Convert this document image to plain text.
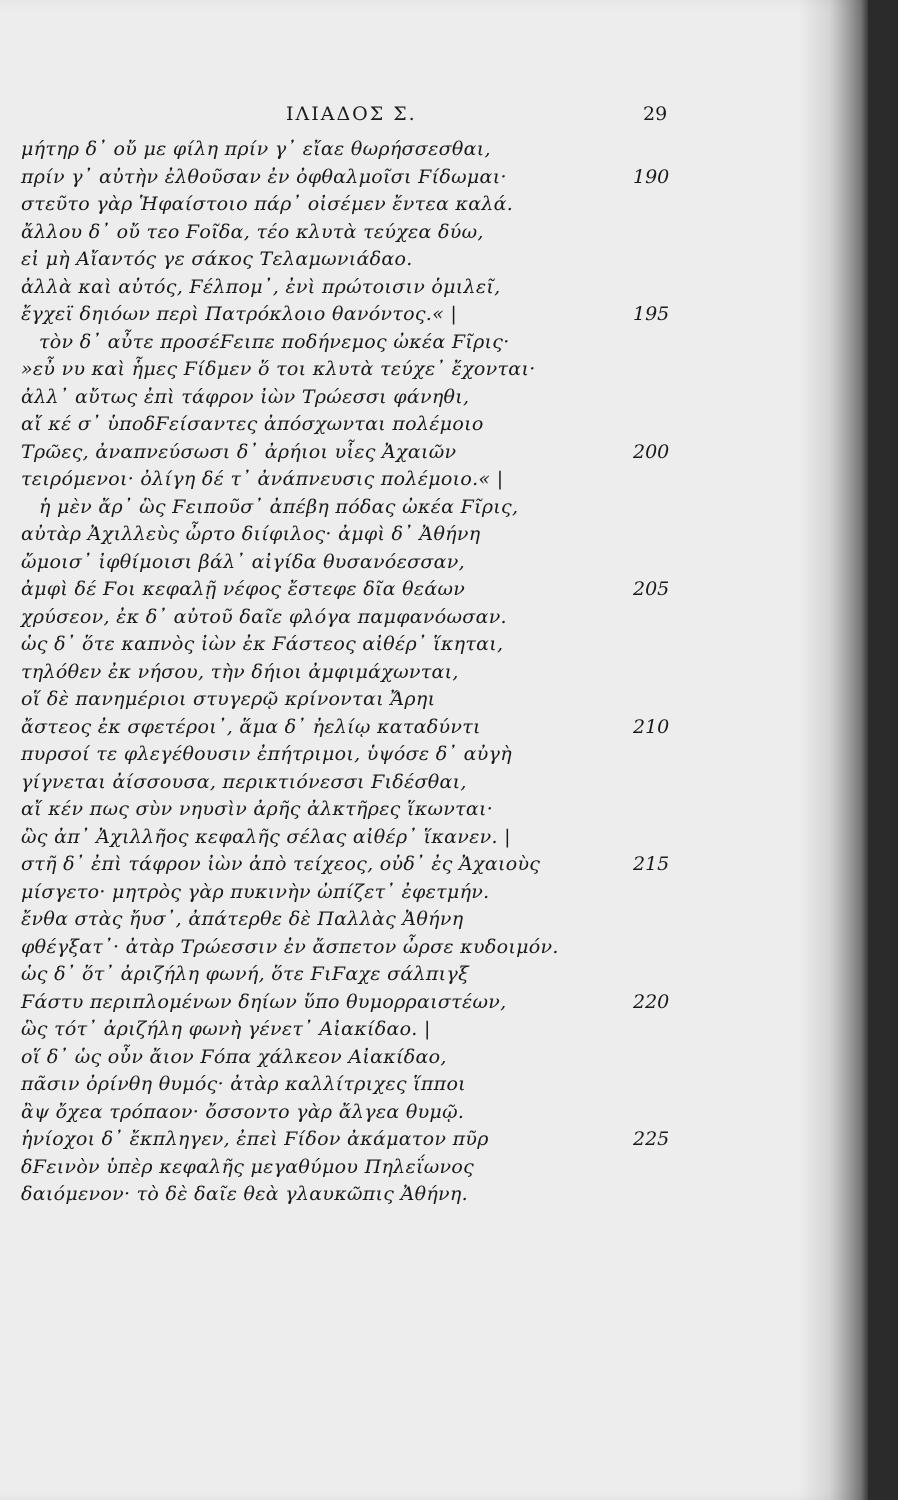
ΙΛΙΑΔΟΣ Σ.	29
μήτηρ δ᾽ οὔ με φίλη πρίν γ᾽ εἴαε θωρήσσεσθαι,
πρίν γ᾽ αὐτὴν ἐλθοῦσαν ἐν ὀφθαλμοῖσι Ϝίδωμαι·	190
στεῦτο γὰρ Ἡφαίστοιο πάρ᾽ οἰσέμεν ἔντεα καλά.
ἄλλου δ᾽ οὔ τεο Ϝοῖδα, τέο κλυτὰ τεύχεα δύω,
εἰ μὴ Αἴαντός γε σάκος Τελαμωνιάδαο.
ἀλλὰ καὶ αὐτός, Ϝέλπομ᾽, ἐνὶ πρώτοισιν ὁμιλεῖ,
ἔγχεϊ δηιόων περὶ Πατρόκλοιο θανόντος.« |	195
τὸν δ᾽ αὖτε προσέϜειπε ποδήνεμος ὠκέα Ϝῖρις·
»εὖ νυ καὶ ἧμες Ϝίδμεν ὅ τοι κλυτὰ τεύχε᾽ ἔχονται·
ἀλλ᾽ αὔτως ἐπὶ τάφρον ἰὼν Τρώεσσι φάνηθι,
αἴ κέ σ᾽ ὑποδϜείσαντες ἀπόσχωνται πολέμοιο
Τρῶες, ἀναπνεύσωσι δ᾽ ἀρήιοι υἷες Ἀχαιῶν	200
τειρόμενοι· ὀλίγη δέ τ᾽ ἀνάπνευσις πολέμοιο.« |
ἡ μὲν ἄρ᾽ ὣς Ϝειποῦσ᾽ ἀπέβη πόδας ὠκέα Ϝῖρις,
αὐτὰρ Ἀχιλλεὺς ὦρτο διίφιλος· ἀμφὶ δ᾽ Ἀθήνη
ὤμοισ᾽ ἰφθίμοισι βάλ᾽ αἰγίδα θυσανόεσσαν,
ἀμφὶ δέ Ϝοι κεφαλῇ νέφος ἔστεφε δῖα θεάων	205
χρύσεον, ἐκ δ᾽ αὐτοῦ δαῖε φλόγα παμφανόωσαν.
ὡς δ᾽ ὅτε καπνὸς ἰὼν ἐκ Ϝάστεος αἰθέρ᾽ ἵκηται,
τηλόθεν ἐκ νήσου, τὴν δήιοι ἀμφιμάχωνται,
οἵ δὲ πανημέριοι στυγερῷ κρίνονται Ἄρηι
ἄστεος ἐκ σφετέροι᾽, ἅμα δ᾽ ἠελίῳ καταδύντι	210
πυρσοί τε φλεγέθουσιν ἐπήτριμοι, ὑψόσε δ᾽ αὐγὴ
γίγνεται ἀίσσουσα, περικτιόνεσσι Ϝιδέσθαι,
αἴ κέν πως σὺν νηυσὶν ἀρῆς ἀλκτῆρες ἵκωνται·
ὣς ἀπ᾽ Ἀχιλλῆος κεφαλῆς σέλας αἰθέρ᾽ ἵκανεν. |
στῆ δ᾽ ἐπὶ τάφρον ἰὼν ἀπὸ τείχεος, οὐδ᾽ ἐς Ἀχαιοὺς	215
μίσγετο· μητρὸς γὰρ πυκινὴν ὠπίζετ᾽ ἐφετμήν.
ἔνθα στὰς ἤυσ᾽, ἀπάτερθε δὲ Παλλὰς Ἀθήνη
φθέγξατ᾽· ἀτὰρ Τρώεσσιν ἐν ἄσπετον ὦρσε κυδοιμόν.
ὡς δ᾽ ὅτ᾽ ἀριζήλη φωνή, ὅτε ϜιϜαχε σάλπιγξ
Ϝάστυ περιπλομένων δηίων ὕπο θυμορραιστέων,	220
ὣς τότ᾽ ἀριζήλη φωνὴ γένετ᾽ Αἰακίδαο. |
οἵ δ᾽ ὡς οὖν ἄιον Ϝόπα χάλκεον Αἰακίδαο,
πᾶσιν ὀρίνθη θυμός· ἀτὰρ καλλίτριχες ἵπποι
ἂψ ὄχεα τρόπαον· ὄσσοντο γὰρ ἄλγεα θυμῷ.
ἡνίοχοι δ᾽ ἔκπληγεν, ἐπεὶ Ϝίδον ἀκάματον πῦρ	225
δϜεινὸν ὑπὲρ κεφαλῆς μεγαθύμου Πηλεΐωνος
δαιόμενον· τὸ δὲ δαῖε θεὰ γλαυκῶπις Ἀθήνη.
